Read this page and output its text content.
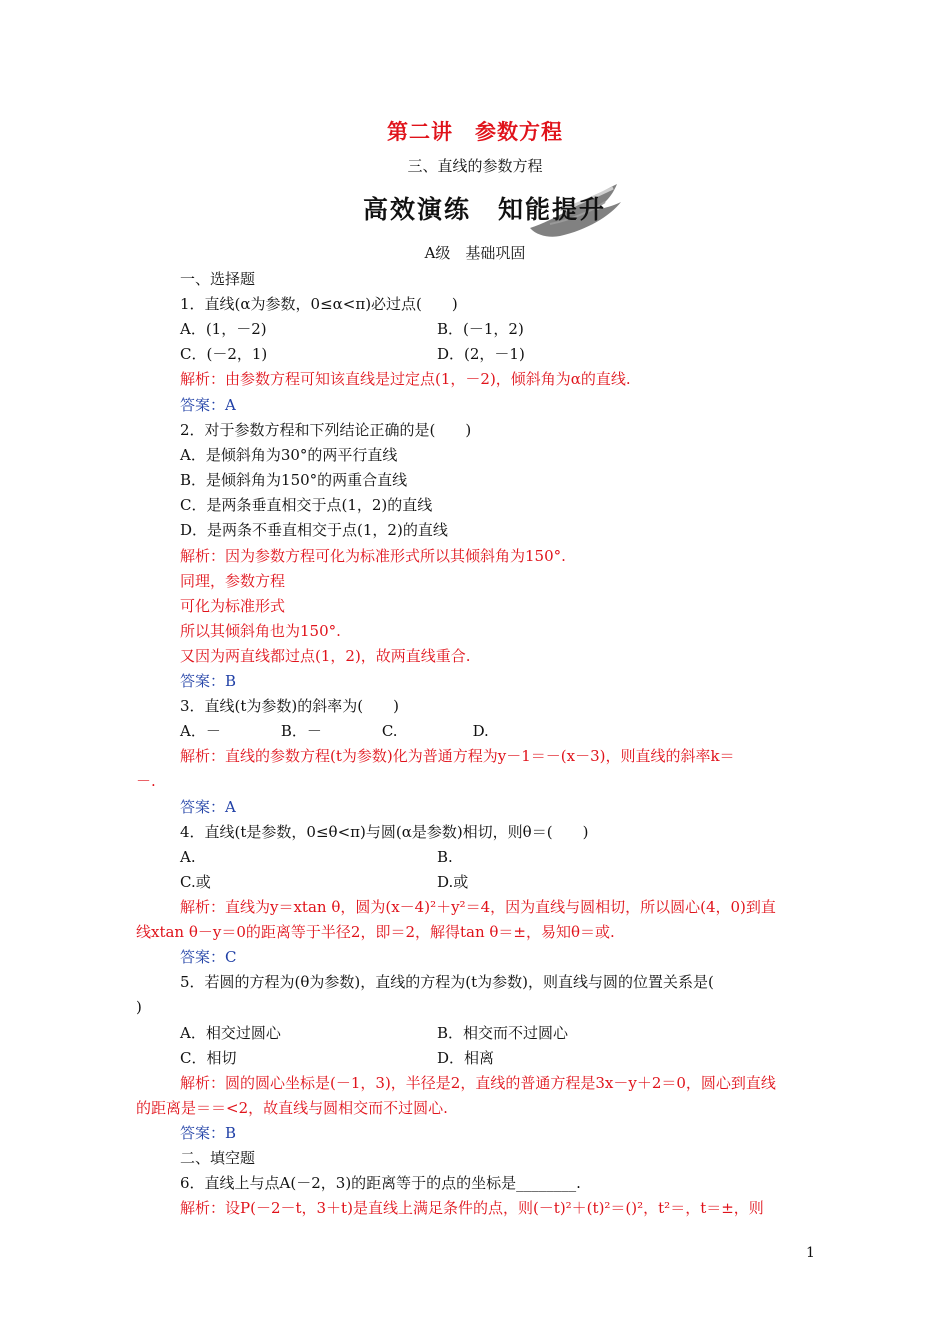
第二讲　参数方程
三、直线的参数方程
高效演练　知能提升
A级　基础巩固
一、选择题
1．直线(α为参数，0≤α<π)必过点(　　)
A．(1，－2)	B．(－1，2)
C．(－2，1)	D．(2，－1)
解析：由参数方程可知该直线是过定点(1，－2)，倾斜角为α的直线.
答案：A
2．对于参数方程和下列结论正确的是(　　)
A．是倾斜角为30°的两平行直线
B．是倾斜角为150°的两重合直线
C．是两条垂直相交于点(1，2)的直线
D．是两条不垂直相交于点(1，2)的直线
解析：因为参数方程可化为标准形式所以其倾斜角为150°.
同理，参数方程
可化为标准形式
所以其倾斜角也为150°.
又因为两直线都过点(1，2)，故两直线重合.
答案：B
3．直线(t为参数)的斜率为(　　)
A．－　　　　B．－　　　　C.　　　　　D.
解析：直线的参数方程(t为参数)化为普通方程为y－1＝－(x－3)，则直线的斜率k＝
－.
答案：A
4．直线(t是参数，0≤θ<π)与圆(α是参数)相切，则θ＝(　　)
A.	B.
C.或	D.或
解析：直线为y＝xtan θ，圆为(x－4)²＋y²＝4，因为直线与圆相切，所以圆心(4，0)到直
线xtan θ－y＝0的距离等于半径2，即＝2，解得tan θ＝±，易知θ＝或.
答案：C
5．若圆的方程为(θ为参数)，直线的方程为(t为参数)，则直线与圆的位置关系是(
)
A．相交过圆心	B．相交而不过圆心
C．相切	D．相离
解析：圆的圆心坐标是(－1，3)，半径是2，直线的普通方程是3x－y＋2＝0，圆心到直线
的距离是＝＝<2，故直线与圆相交而不过圆心.
答案：B
二、填空题
6．直线上与点A(－2，3)的距离等于的点的坐标是________.
解析：设P(－2－t，3＋t)是直线上满足条件的点，则(－t)²＋(t)²＝()²，t²＝，t＝±，则
1
